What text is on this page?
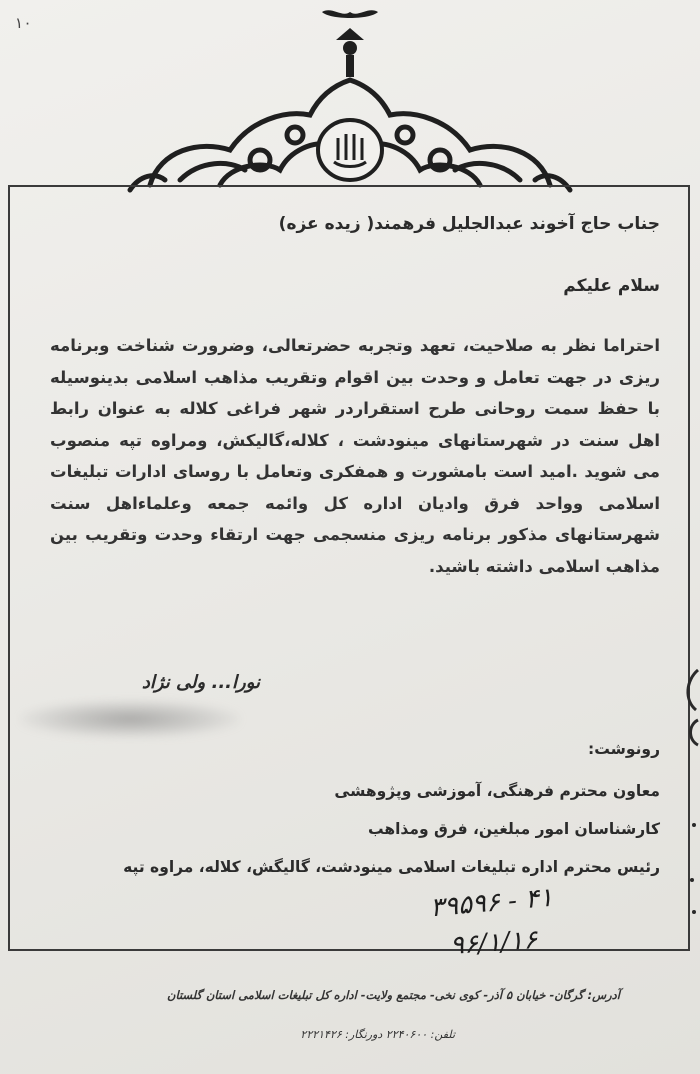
۱۰
جناب حاج آخوند عبدالجلیل فرهمند( زیده عزه)
سلام علیکم
احتراما نظر به صلاحیت، تعهد وتجربه حضرتعالی، وضرورت شناخت وبرنامه ریزی در جهت تعامل و وحدت بین اقوام وتقریب مذاهب اسلامی بدینوسیله با حفظ سمت روحانی طرح استقراردر شهر فراغی کلاله به عنوان رابط اهل سنت در شهرستانهای مینودشت ، کلاله،گالیکش، ومراوه تپه منصوب می شوید .امید است بامشورت و همفکری وتعامل با روسای ادارات تبلیغات اسلامی وواحد فرق وادیان اداره کل وائمه جمعه وعلماءاهل سنت شهرستانهای مذکور برنامه ریزی منسجمی جهت ارتقاء وحدت وتقریب بین مذاهب اسلامی داشته باشید.
نورا... ولی نژاد
رونوشت:
معاون محترم فرهنگی، آموزشی وپژوهشی
کارشناسان امور مبلغین، فرق ومذاهب
رئیس محترم اداره تبلیغات اسلامی مینودشت، گالیگش، کلاله، مراوه تپه
۳۹۵۹۶ - ۴۱
۹۶/۱/۱۶
آدرس: گرگان- خیابان ۵ آذر- کوی نخی- مجتمع ولایت- اداره کل تبلیغات اسلامی استان گلستان
تلفن: ۲۲۴۰۶۰۰ دورنگار: ۲۲۲۱۴۲۶
